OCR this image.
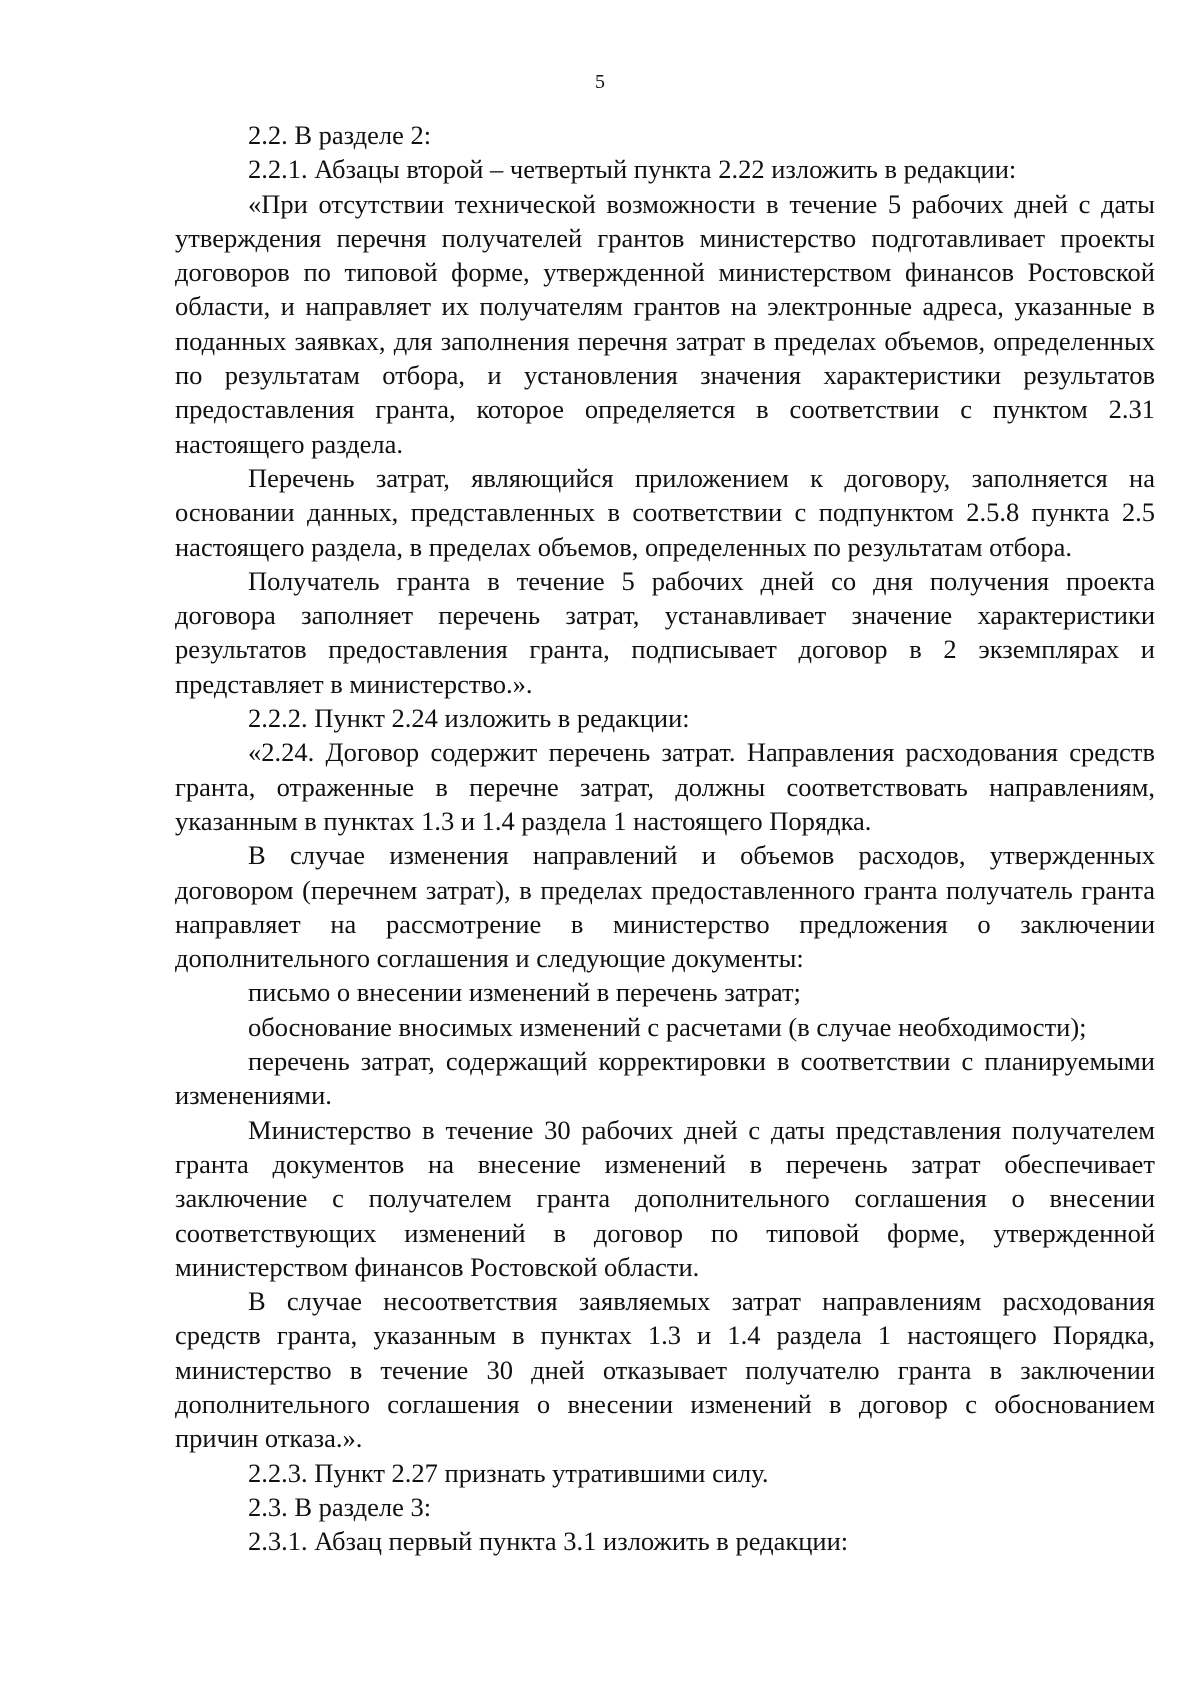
5

2.2. В разделе 2:

2.2.1. Абзацы второй – четвертый пункта 2.22 изложить в редакции:

«При отсутствии технической возможности в течение 5 рабочих дней с даты утверждения перечня получателей грантов министерство подготавливает проекты договоров по типовой форме, утвержденной министерством финансов Ростовской области, и направляет их получателям грантов на электронные адреса, указанные в поданных заявках, для заполнения перечня затрат в пределах объемов, определенных по результатам отбора, и установления значения характеристики результатов предоставления гранта, которое определяется в соответствии с пунктом 2.31 настоящего раздела.

Перечень затрат, являющийся приложением к договору, заполняется на основании данных, представленных в соответствии с подпунктом 2.5.8 пункта 2.5 настоящего раздела, в пределах объемов, определенных по результатам отбора.

Получатель гранта в течение 5 рабочих дней со дня получения проекта договора заполняет перечень затрат, устанавливает значение характеристики результатов предоставления гранта, подписывает договор в 2 экземплярах и представляет в министерство.».

2.2.2. Пункт 2.24 изложить в редакции:

«2.24. Договор содержит перечень затрат. Направления расходования средств гранта, отраженные в перечне затрат, должны соответствовать направлениям, указанным в пунктах 1.3 и 1.4 раздела 1 настоящего Порядка.

В случае изменения направлений и объемов расходов, утвержденных договором (перечнем затрат), в пределах предоставленного гранта получатель гранта направляет на рассмотрение в министерство предложения о заключении дополнительного соглашения и следующие документы:

письмо о внесении изменений в перечень затрат;

обоснование вносимых изменений с расчетами (в случае необходимости);

перечень затрат, содержащий корректировки в соответствии с планируемыми изменениями.

Министерство в течение 30 рабочих дней с даты представления получателем гранта документов на внесение изменений в перечень затрат обеспечивает заключение с получателем гранта дополнительного соглашения о внесении соответствующих изменений в договор по типовой форме, утвержденной министерством финансов Ростовской области.

В случае несоответствия заявляемых затрат направлениям расходования средств гранта, указанным в пунктах 1.3 и 1.4 раздела 1 настоящего Порядка, министерство в течение 30 дней отказывает получателю гранта в заключении дополнительного соглашения о внесении изменений в договор с обоснованием причин отказа.».

2.2.3. Пункт 2.27 признать утратившими силу.

2.3. В разделе 3:

2.3.1. Абзац первый пункта 3.1 изложить в редакции:
